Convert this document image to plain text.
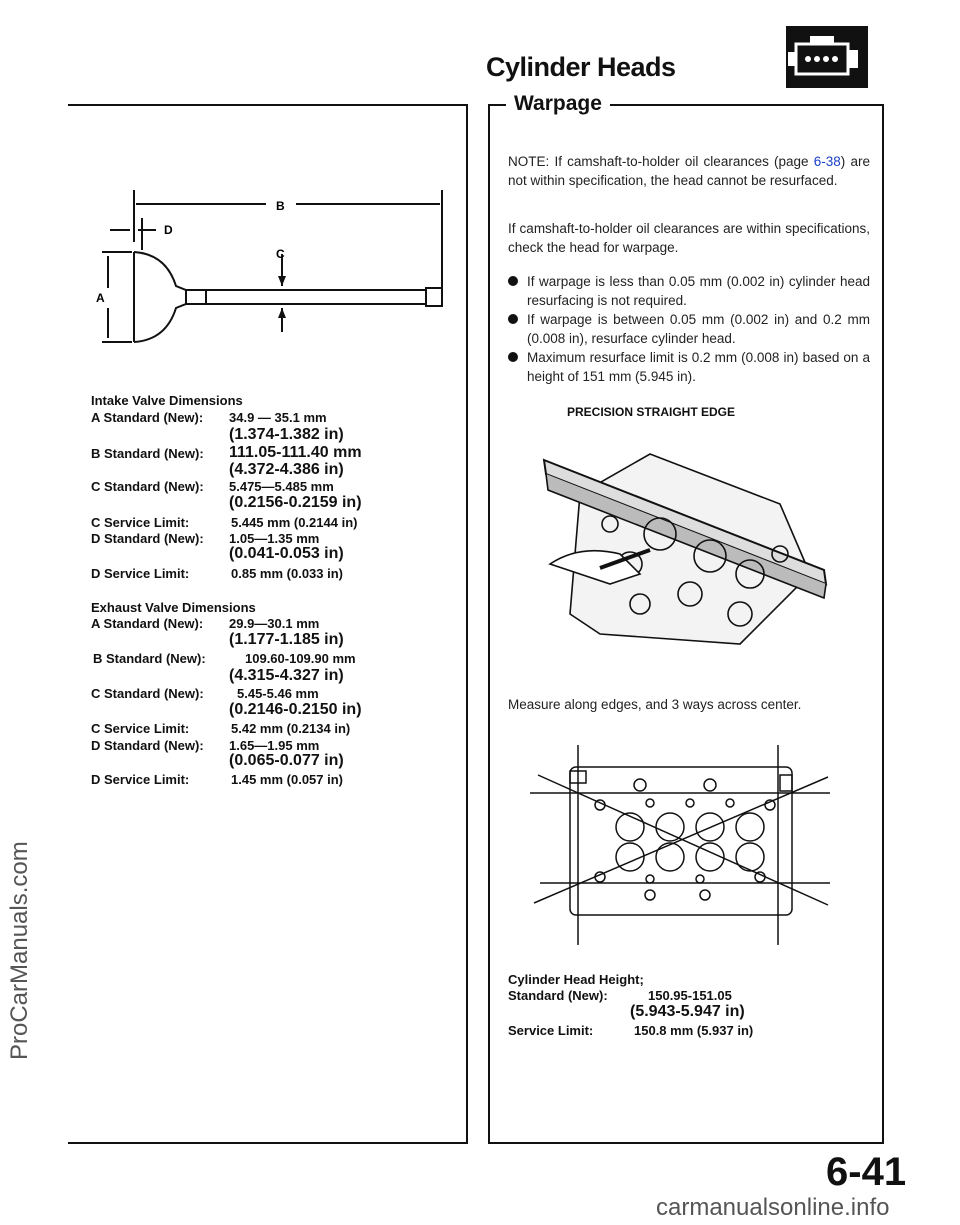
Cylinder Heads
Warpage
B
D
C
A
Intake Valve Dimensions
A Standard (New): 34.9 — 35.1 mm
(1.374-1.382 in)
B Standard (New): 111.05-111.40 mm
(4.372-4.386 in)
C Standard (New): 5.475—5.485 mm
(0.2156-0.2159 in)
C Service Limit:	5.445 mm (0.2144 in)
D Standard (New): 1.05—1.35 mm
(0.041-0.053 in)
D Service Limit:	0.85 mm (0.033 in)
Exhaust Valve Dimensions
A Standard (New): 29.9—30.1 mm
(1.177-1.185 in)
B Standard (New):	109.60-109.90 mm
(4.315-4.327 in)
C Standard (New):	5.45-5.46 mm
(0.2146-0.2150 in)
C Service Limit:	5.42 mm (0.2134 in)
D Standard (New): 1.65—1.95 mm
(0.065-0.077 in)
D Service Limit:	1.45 mm (0.057 in)
NOTE: If camshaft-to-holder oil clearances (page 6-38) are not within specification, the head cannot be resurfaced.
If camshaft-to-holder oil clearances are within specifications, check the head for warpage.
If warpage is less than 0.05 mm (0.002 in) cylinder head resurfacing is not required.
If warpage is between 0.05 mm (0.002 in) and 0.2 mm (0.008 in), resurface cylinder head.
Maximum resurface limit is 0.2 mm (0.008 in) based on a height of 151 mm (5.945 in).
PRECISION STRAIGHT EDGE
Measure along edges, and 3 ways across center.
Cylinder Head Height;
Standard (New):	150.95-151.05
(5.943-5.947 in)
Service Limit:	150.8 mm (5.937 in)
6-41
ProCarManuals.com
carmanualsonline.info
